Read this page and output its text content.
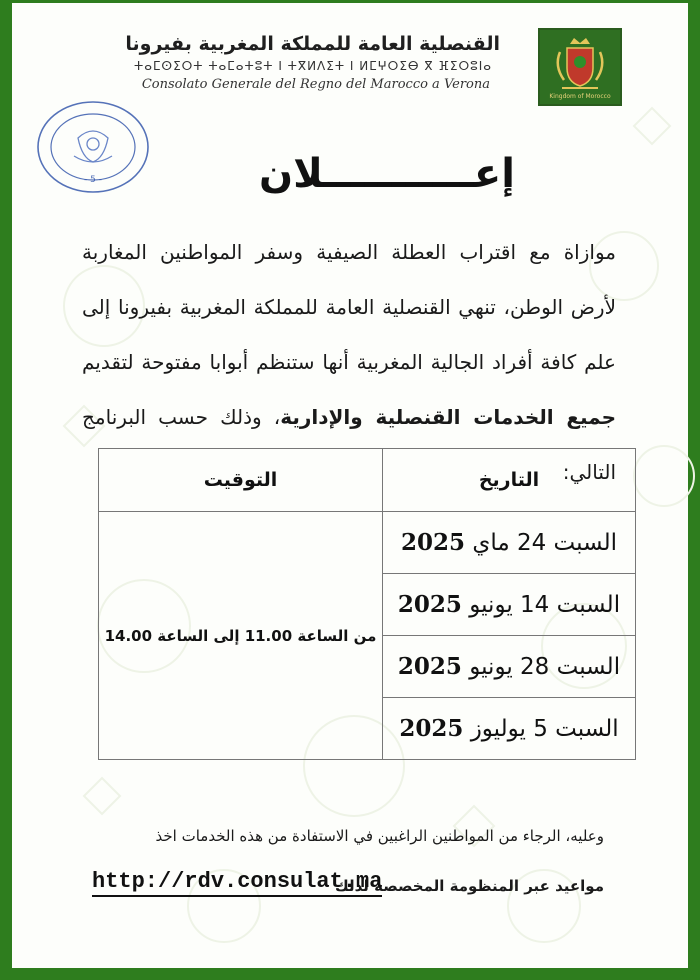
القنصلية العامة للمملكة المغربية بفيرونا
ⵜⴰⵎⵙⵉⵔⵜ ⵜⴰⵎⴰⵜⵓⵜ ⵏ ⵜⴳⵍⴷⵉⵜ ⵏ ⵍⵎⵖⵔⵉⴱ ⴳ ⴼⵉⵔⵓⵏⴰ
Consolato Generale del Regno del Marocco a Verona
Kingdom of Morocco
- 5 -	إعـــــــــــلان
موازاة مع اقتراب العطلة الصيفية وسفر المواطنين المغاربة لأرض الوطن، تنهي القنصلية العامة للمملكة المغربية بفيرونا إلى علم كافة أفراد الجالية المغربية أنها ستنظم أبوابا مفتوحة لتقديم جميع الخدمات القنصلية والإدارية، وذلك حسب البرنامج التالي:
التاريخ	التوقيت
السبت 24 ماي 2025	من الساعة 11.00 إلى الساعة 14.00
السبت 14 يونيو 2025	
السبت 28 يونيو 2025	
السبت 5 يوليوز 2025	
وعليه، الرجاء من المواطنين الراغبين في الاستفادة من هذه الخدمات اخذ
مواعيد عبر المنظومة المخصصة لذلك
http://rdv.consulat.ma
